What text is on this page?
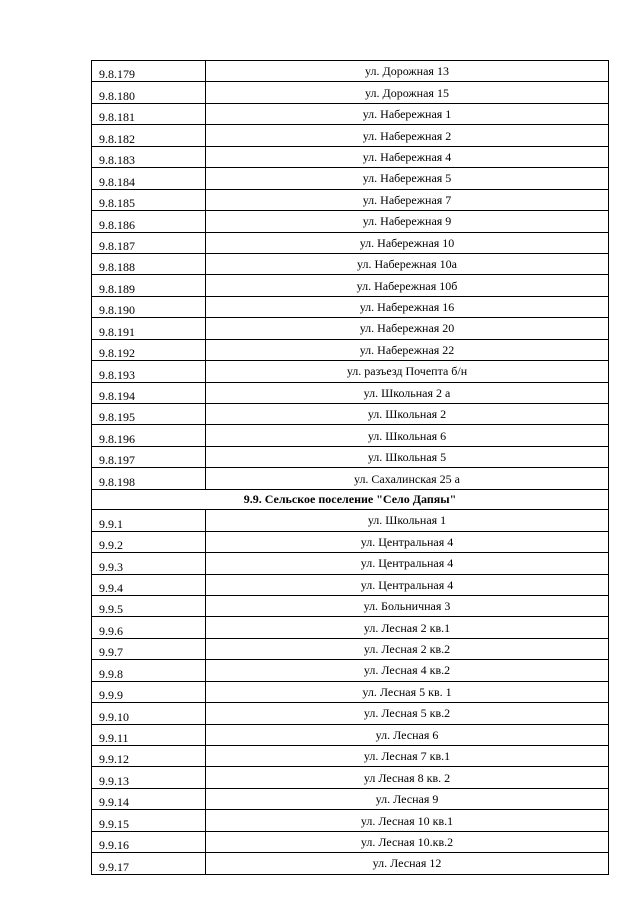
9.8.179	ул. Дорожная 13
9.8.180	ул. Дорожная 15
9.8.181	ул. Набережная 1
9.8.182	ул. Набережная 2
9.8.183	ул. Набережная 4
9.8.184	ул. Набережная 5
9.8.185	ул. Набережная 7
9.8.186	ул. Набережная 9
9.8.187	ул. Набережная 10
9.8.188	ул. Набережная 10а
9.8.189	ул. Набережная 10б
9.8.190	ул. Набережная 16
9.8.191	ул. Набережная 20
9.8.192	ул. Набережная 22
9.8.193	ул. разъезд Почепта б/н
9.8.194	ул. Школьная 2 а
9.8.195	ул. Школьная 2
9.8.196	ул. Школьная 6
9.8.197	ул. Школьная 5
9.8.198	ул. Сахалинская 25 а
9.9. Сельское поселение "Село Дапяы"	
9.9.1	ул. Школьная 1
9.9.2	ул. Центральная 4
9.9.3	ул. Центральная 4
9.9.4	ул. Центральная 4
9.9.5	ул. Больничная 3
9.9.6	ул. Лесная 2 кв.1
9.9.7	ул. Лесная 2 кв.2
9.9.8	ул. Лесная 4 кв.2
9.9.9	ул. Лесная 5 кв. 1
9.9.10	ул. Лесная 5 кв.2
9.9.11	ул. Лесная 6
9.9.12	ул. Лесная 7 кв.1
9.9.13	ул Лесная 8 кв. 2
9.9.14	ул. Лесная 9
9.9.15	ул. Лесная 10 кв.1
9.9.16	ул. Лесная 10.кв.2
9.9.17	ул. Лесная 12
